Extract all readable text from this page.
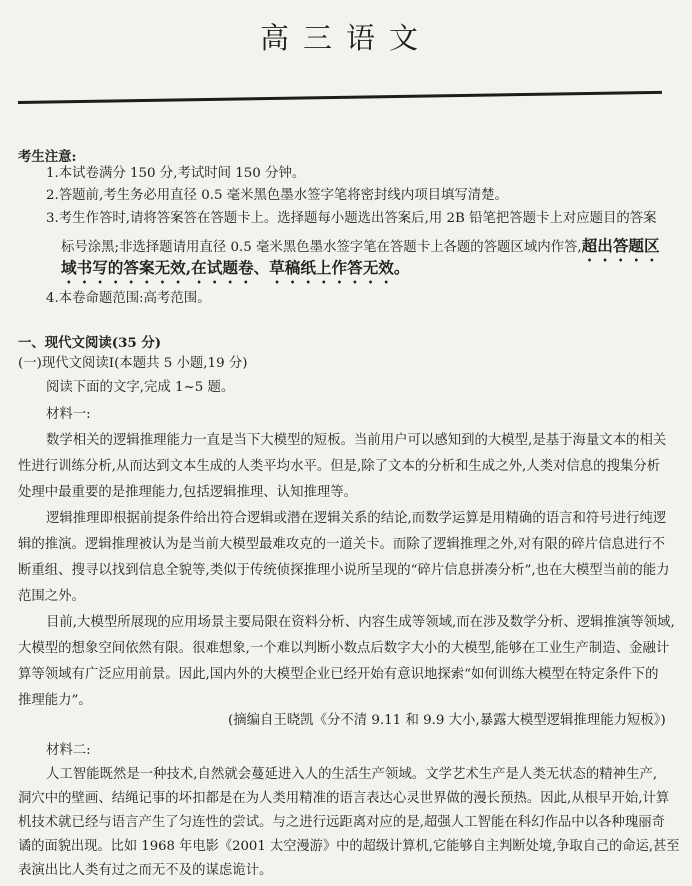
高三语文
考生注意:
1.本试卷满分 150 分,考试时间 150 分钟。
2.答题前,考生务必用直径 0.5 毫米黑色墨水签字笔将密封线内项目填写清楚。
3.考生作答时,请将答案答在答题卡上。选择题每小题选出答案后,用 2B 铅笔把答题卡上对应题目的答案
标号涂黑;非选择题请用直径 0.5 毫米黑色墨水签字笔在答题卡上各题的答题区域内作答,超出答题区
域书写的答案无效,在试题卷、草稿纸上作答无效。
4.本卷命题范围:高考范围。
一、现代文阅读(35 分)
(一)现代文阅读Ⅰ(本题共 5 小题,19 分)
阅读下面的文字,完成 1~5 题。
材料一:
数学相关的逻辑推理能力一直是当下大模型的短板。当前用户可以感知到的大模型,是基于海量文本的相关
性进行训练分析,从而达到文本生成的人类平均水平。但是,除了文本的分析和生成之外,人类对信息的搜集分析
处理中最重要的是推理能力,包括逻辑推理、认知推理等。
逻辑推理即根据前提条件给出符合逻辑或潜在逻辑关系的结论,而数学运算是用精确的语言和符号进行纯逻
辑的推演。逻辑推理被认为是当前大模型最难攻克的一道关卡。而除了逻辑推理之外,对有限的碎片信息进行不
断重组、搜寻以找到信息全貌等,类似于传统侦探推理小说所呈现的“碎片信息拼凑分析”,也在大模型当前的能力
范围之外。
目前,大模型所展现的应用场景主要局限在资料分析、内容生成等领域,而在涉及数学分析、逻辑推演等领域,
大模型的想象空间依然有限。很难想象,一个难以判断小数点后数字大小的大模型,能够在工业生产制造、金融计
算等领域有广泛应用前景。因此,国内外的大模型企业已经开始有意识地探索“如何训练大模型在特定条件下的
推理能力”。
(摘编自王晓凯《分不清 9.11 和 9.9 大小,暴露大模型逻辑推理能力短板》)
材料二:
人工智能既然是一种技术,自然就会蔓延进入人的生活生产领域。文学艺术生产是人类无状态的精神生产,
洞穴中的壁画、结绳记事的坏扣都是在为人类用精准的语言表达心灵世界做的漫长预热。因此,从根早开始,计算
机技术就已经与语言产生了匀连性的尝试。与之进行远距离对应的是,超强人工智能在科幻作品中以各种瑰丽奇
谲的面貌出现。比如 1968 年电影《2001 太空漫游》中的超级计算机,它能够自主判断处境,争取自己的命运,甚至
表演出比人类有过之而无不及的谋虑诡计。
